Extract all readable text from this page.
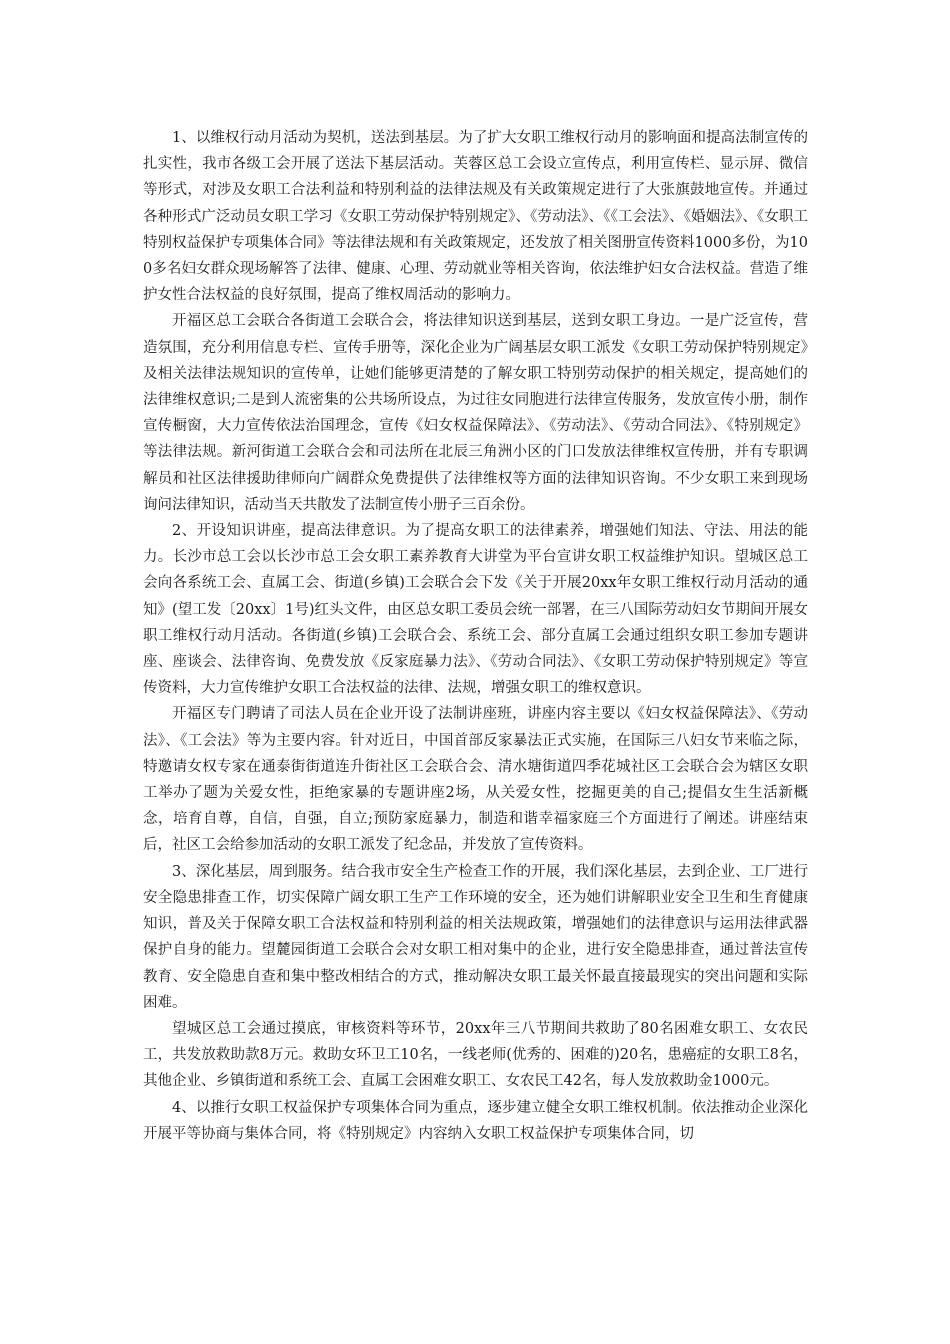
1、以维权行动月活动为契机，送法到基层。为了扩大女职工维权行动月的影响面和提高法制宣传的扎实性，我市各级工会开展了送法下基层活动。芙蓉区总工会设立宣传点，利用宣传栏、显示屏、微信等形式，对涉及女职工合法利益和特别利益的法律法规及有关政策规定进行了大张旗鼓地宣传。并通过各种形式广泛动员女职工学习《女职工劳动保护特别规定》、《劳动法》、《《工会法》、《婚姻法》、《女职工特别权益保护专项集体合同》等法律法规和有关政策规定，还发放了相关图册宣传资料1000多份，为100多名妇女群众现场解答了法律、健康、心理、劳动就业等相关咨询，依法维护妇女合法权益。营造了维护女性合法权益的良好氛围，提高了维权周活动的影响力。

开福区总工会联合各街道工会联合会，将法律知识送到基层，送到女职工身边。一是广泛宣传，营造氛围，充分利用信息专栏、宣传手册等，深化企业为广阔基层女职工派发《女职工劳动保护特别规定》及相关法律法规知识的宣传单，让她们能够更清楚的了解女职工特别劳动保护的相关规定，提高她们的法律维权意识;二是到人流密集的公共场所设点，为过往女同胞进行法律宣传服务，发放宣传小册，制作宣传橱窗，大力宣传依法治国理念，宣传《妇女权益保障法》、《劳动法》、《劳动合同法》、《特别规定》等法律法规。新河街道工会联合会和司法所在北辰三角洲小区的门口发放法律维权宣传册，并有专职调解员和社区法律援助律师向广阔群众免费提供了法律维权等方面的法律知识咨询。不少女职工来到现场询问法律知识，活动当天共散发了法制宣传小册子三百余份。

2、开设知识讲座，提高法律意识。为了提高女职工的法律素养，增强她们知法、守法、用法的能力。长沙市总工会以长沙市总工会女职工素养教育大讲堂为平台宣讲女职工权益维护知识。望城区总工会向各系统工会、直属工会、街道(乡镇)工会联合会下发《关于开展20xx年女职工维权行动月活动的通知》(望工发〔20xx〕1号)红头文件，由区总女职工委员会统一部署，在三八国际劳动妇女节期间开展女职工维权行动月活动。各街道(乡镇)工会联合会、系统工会、部分直属工会通过组织女职工参加专题讲座、座谈会、法律咨询、免费发放《反家庭暴力法》、《劳动合同法》、《女职工劳动保护特别规定》等宣传资料，大力宣传维护女职工合法权益的法律、法规，增强女职工的维权意识。

开福区专门聘请了司法人员在企业开设了法制讲座班，讲座内容主要以《妇女权益保障法》、《劳动法》、《工会法》等为主要内容。针对近日，中国首部反家暴法正式实施，在国际三八妇女节来临之际，特邀请女权专家在通泰街街道连升街社区工会联合会、清水塘街道四季花城社区工会联合会为辖区女职工举办了题为关爱女性，拒绝家暴的专题讲座2场，从关爱女性，挖掘更美的自己;提倡女生生活新概念，培育自尊，自信，自强，自立;预防家庭暴力，制造和谐幸福家庭三个方面进行了阐述。讲座结束后，社区工会给参加活动的女职工派发了纪念品，并发放了宣传资料。

3、深化基层，周到服务。结合我市安全生产检查工作的开展，我们深化基层，去到企业、工厂进行安全隐患排查工作，切实保障广阔女职工生产工作环境的安全，还为她们讲解职业安全卫生和生育健康知识，普及关于保障女职工合法权益和特别利益的相关法规政策，增强她们的法律意识与运用法律武器保护自身的能力。望麓园街道工会联合会对女职工相对集中的企业，进行安全隐患排查，通过普法宣传教育、安全隐患自查和集中整改相结合的方式，推动解决女职工最关怀最直接最现实的突出问题和实际困难。

望城区总工会通过摸底，审核资料等环节，20xx年三八节期间共救助了80名困难女职工、女农民工，共发放救助款8万元。救助女环卫工10名，一线老师(优秀的、困难的)20名，患癌症的女职工8名，其他企业、乡镇街道和系统工会、直属工会困难女职工、女农民工42名，每人发放救助金1000元。

4、以推行女职工权益保护专项集体合同为重点，逐步建立健全女职工维权机制。依法推动企业深化开展平等协商与集体合同，将《特别规定》内容纳入女职工权益保护专项集体合同，切
